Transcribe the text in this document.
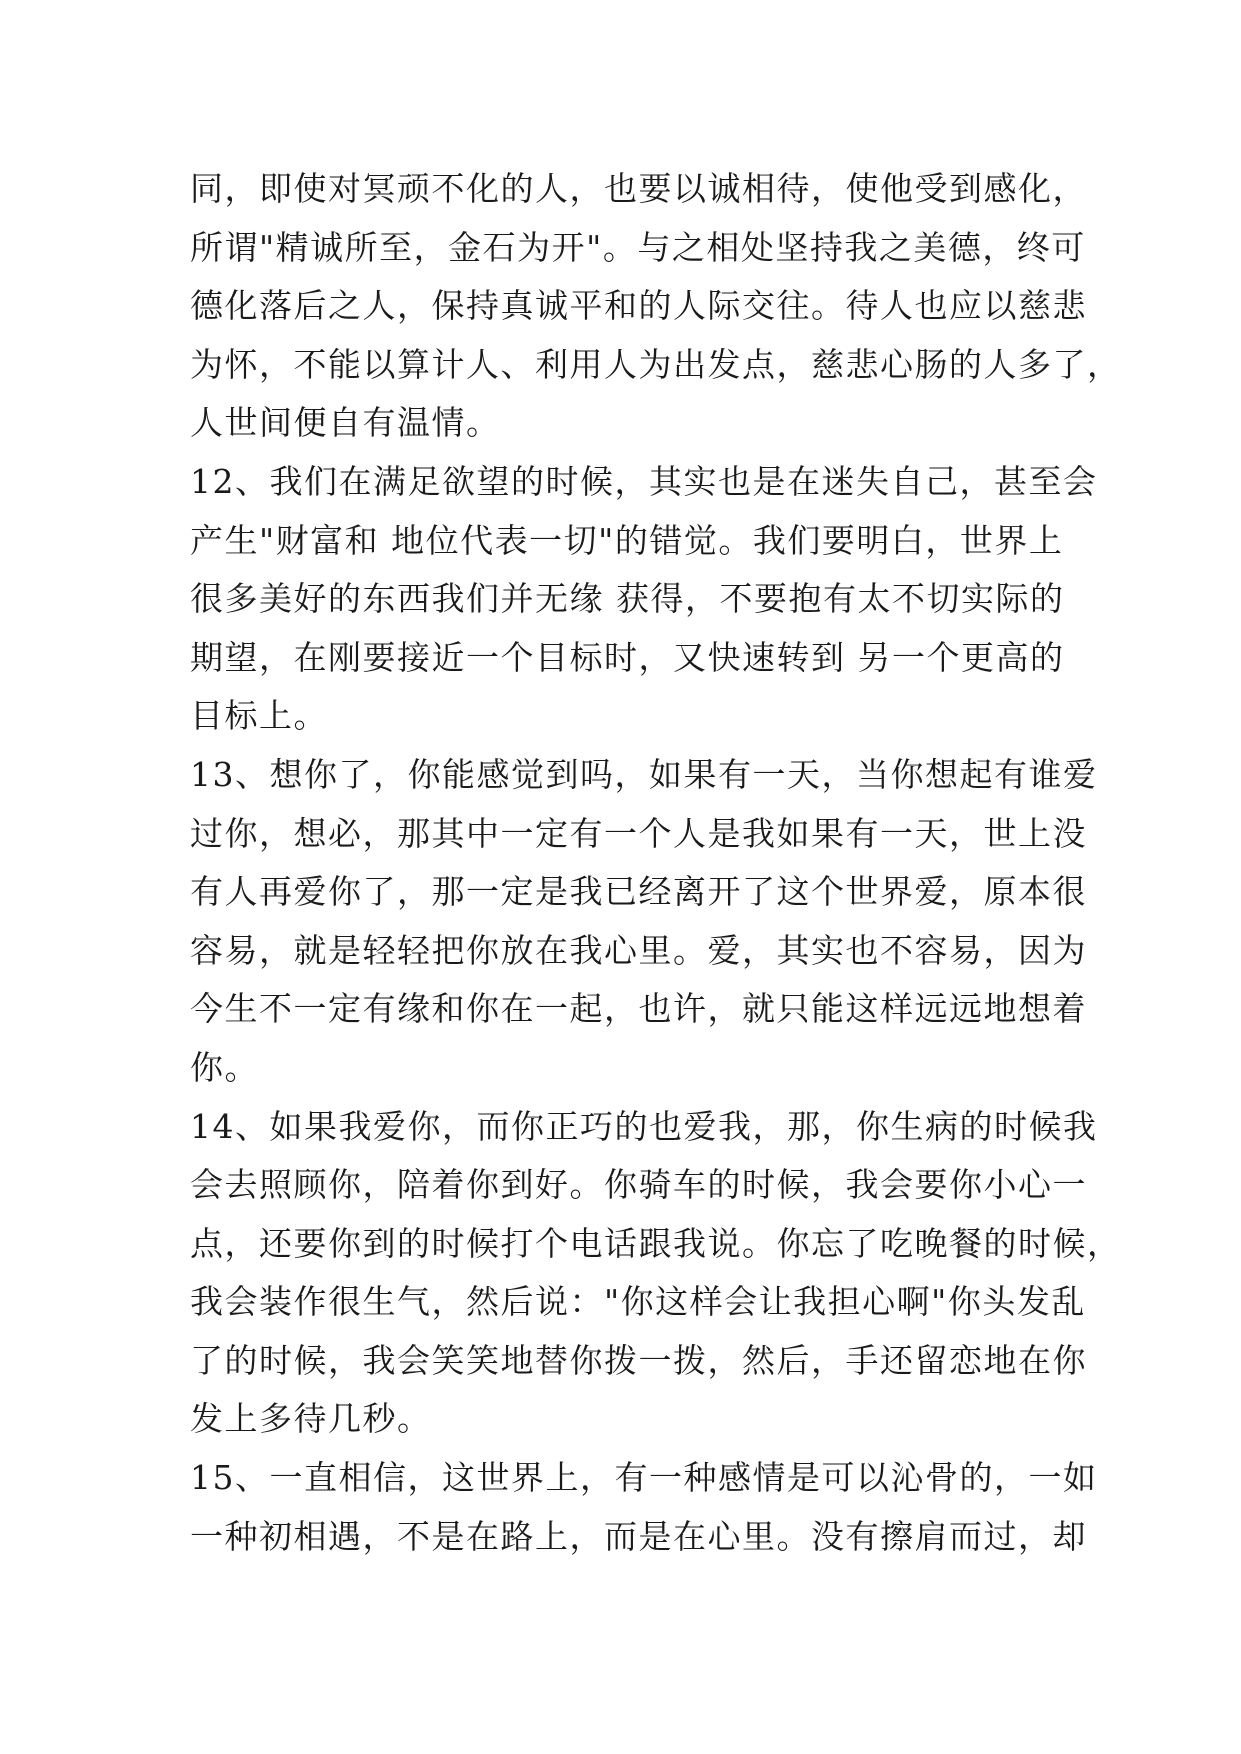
同，即使对冥顽不化的人，也要以诚相待，使他受到感化，
所谓"精诚所至，金石为开"。与之相处坚持我之美德，终可
德化落后之人，保持真诚平和的人际交往。待人也应以慈悲
为怀，不能以算计人、利用人为出发点，慈悲心肠的人多了，
人世间便自有温情。
12、我们在满足欲望的时候，其实也是在迷失自己，甚至会
产生"财富和 地位代表一切"的错觉。我们要明白，世界上
很多美好的东西我们并无缘 获得，不要抱有太不切实际的
期望，在刚要接近一个目标时，又快速转到 另一个更高的
目标上。
13、想你了，你能感觉到吗，如果有一天，当你想起有谁爱
过你，想必，那其中一定有一个人是我如果有一天，世上没
有人再爱你了，那一定是我已经离开了这个世界爱，原本很
容易，就是轻轻把你放在我心里。爱，其实也不容易，因为
今生不一定有缘和你在一起，也许，就只能这样远远地想着
你。
14、如果我爱你，而你正巧的也爱我，那，你生病的时候我
会去照顾你，陪着你到好。你骑车的时候，我会要你小心一
点，还要你到的时候打个电话跟我说。你忘了吃晚餐的时候，
我会装作很生气，然后说："你这样会让我担心啊"你头发乱
了的时候，我会笑笑地替你拨一拨，然后，手还留恋地在你
发上多待几秒。
15、一直相信，这世界上，有一种感情是可以沁骨的，一如
一种初相遇，不是在路上，而是在心里。没有擦肩而过，却
